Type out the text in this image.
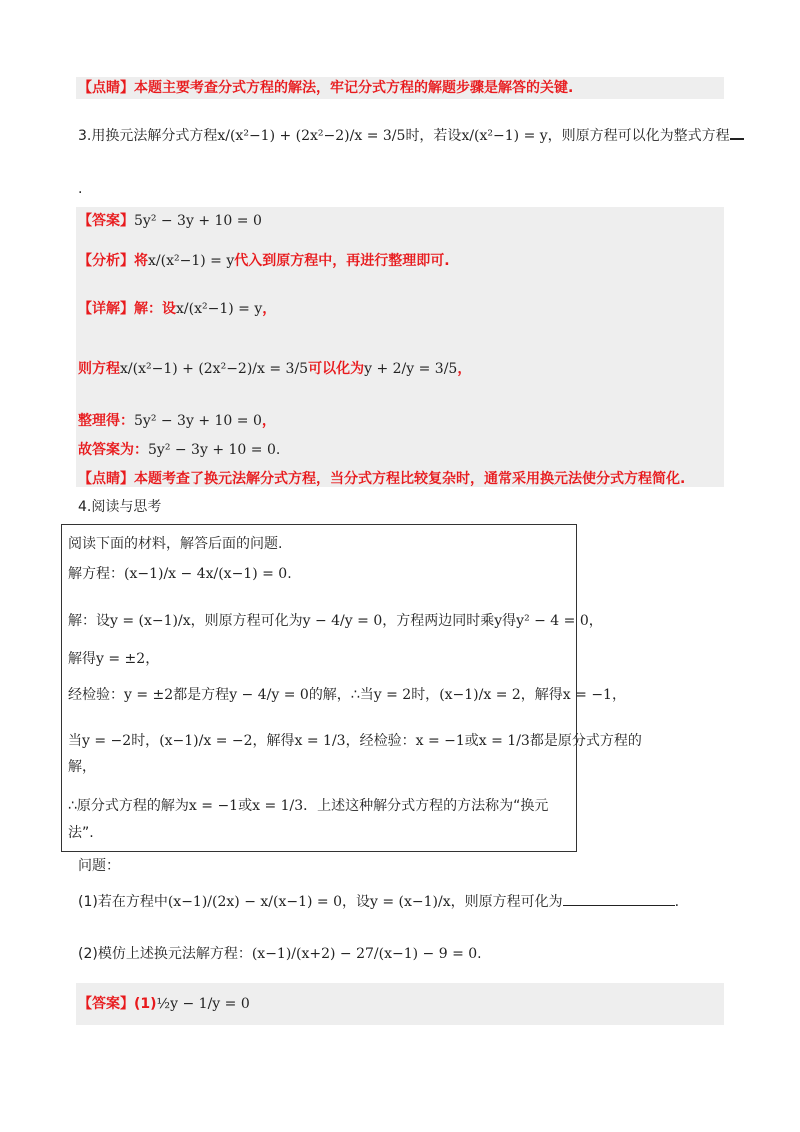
【点睛】本题主要考查分式方程的解法，牢记分式方程的解题步骤是解答的关键.
3.用换元法解分式方程x/(x²−1) + (2x²−2)/x = 3/5时，若设x/(x²−1) = y，则原方程可以化为整式方程
.
【答案】5y² − 3y + 10 = 0
【分析】将x/(x²−1) = y代入到原方程中，再进行整理即可.
【详解】解：设x/(x²−1) = y，
则方程x/(x²−1) + (2x²−2)/x = 3/5可以化为y + 2/y = 3/5，
整理得：5y² − 3y + 10 = 0，
故答案为：5y² − 3y + 10 = 0.
【点睛】本题考查了换元法解分式方程，当分式方程比较复杂时，通常采用换元法使分式方程简化.
4.阅读与思考
阅读下面的材料，解答后面的问题.
解方程：(x−1)/x − 4x/(x−1) = 0.
解：设y = (x−1)/x，则原方程可化为y − 4/y = 0，方程两边同时乘y得y² − 4 = 0，
解得y = ±2，
经检验：y = ±2都是方程y − 4/y = 0的解，∴当y = 2时，(x−1)/x = 2，解得x = −1，
当y = −2时，(x−1)/x = −2，解得x = 1/3，经检验：x = −1或x = 1/3都是原分式方程的
解，
∴原分式方程的解为x = −1或x = 1/3．上述这种解分式方程的方法称为“换元
法”.
问题：
(1)若在方程中(x−1)/(2x) − x/(x−1) = 0，设y = (x−1)/x，则原方程可化为	.
(2)模仿上述换元法解方程：(x−1)/(x+2) − 27/(x−1) − 9 = 0.
【答案】(1)½y − 1/y = 0
